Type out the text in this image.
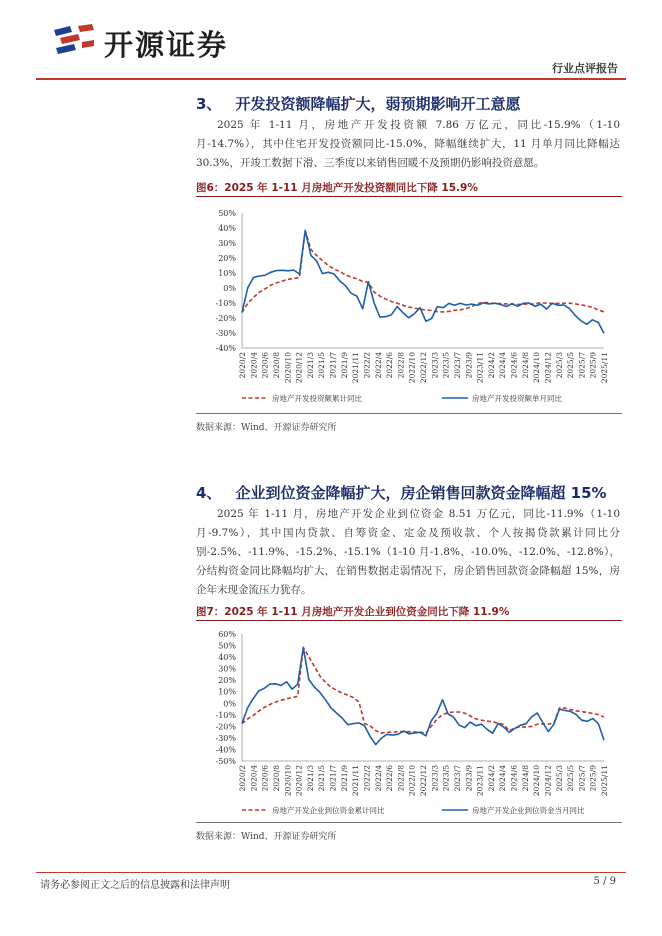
开源证券
行业点评报告
3、 开发投资额降幅扩大，弱预期影响开工意愿

2025 年 1-11 月，房地产开发投资额 7.86 万亿元，同比-15.9%（1-10 月-14.7%），其中住宅开发投资额同比-15.0%，降幅继续扩大，11 月单月同比降幅达 30.3%，开竣工数据下滑、三季度以来销售回暖不及预期仍影响投资意愿。

图6：2025 年 1-11 月房地产开发投资额同比下降 15.9%
50%
40%
30%
20%
10%
0%
-10%
-20%
-30%
-40%
2020/2 2020/4 2020/6 2020/8 2020/10 2020/12 2021/3 2021/5 2021/7 2021/9 2021/11 2022/2 2022/4 2022/6 2022/8 2022/10 2022/12 2023/3 2023/5 2023/7 2023/9 2023/11 2024/2 2024/4 2024/6 2024/8 2024/10 2024/12 2025/3 2025/5 2025/7 2025/9 2025/11
房地产开发投资额累计同比	房地产开发投资额单月同比
数据来源：Wind、开源证券研究所
4、 企业到位资金降幅扩大，房企销售回款资金降幅超 15%

2025 年 1-11 月，房地产开发企业到位资金 8.51 万亿元，同比-11.9%（1-10 月-9.7%），其中国内贷款、自筹资金、定金及预收款、个人按揭贷款累计同比分别-2.5%、-11.9%、-15.2%、-15.1%（1-10 月-1.8%、-10.0%、-12.0%、-12.8%），分结构资金同比降幅均扩大，在销售数据走弱情况下，房企销售回款资金降幅超 15%，房企年末现金流压力犹存。

图7：2025 年 1-11 月房地产开发企业到位资金同比下降 11.9%
60%
50%
40%
30%
20%
10%
0%
-10%
-20%
-30%
-40%
-50%
2020/2 2020/4 2020/6 2020/8 2020/10 2020/12 2021/3 2021/5 2021/7 2021/9 2021/11 2022/2 2022/4 2022/6 2022/8 2022/10 2022/12 2023/3 2023/5 2023/7 2023/9 2023/11 2024/2 2024/4 2024/6 2024/8 2024/10 2024/12 2025/3 2025/5 2025/7 2025/9 2025/11
房地产开发企业到位资金累计同比	房地产开发企业到位资金当月同比
数据来源：Wind、开源证券研究所
请务必参阅正文之后的信息披露和法律声明	5 / 9
